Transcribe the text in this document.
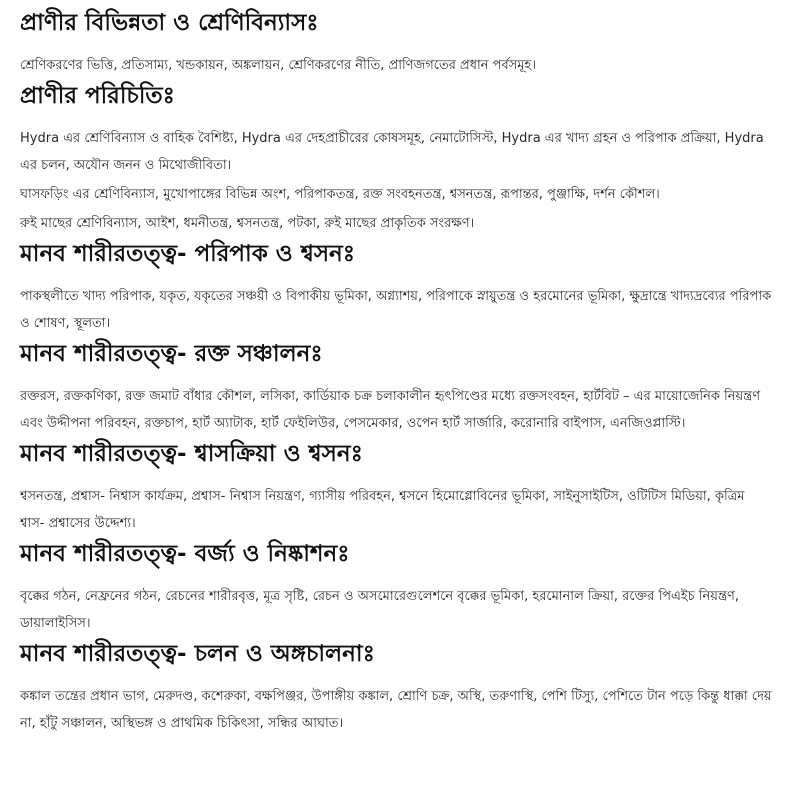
প্রাণীর বিভিন্নতা ও শ্রেণিবিন্যাসঃ

শ্রেণিকরণের ভিত্তি, প্রতিসাম্য, খন্ডকায়ন, অঙ্কলায়ন, শ্রেণিকরণের নীতি, প্রাণিজগতের প্রধান পর্বসমূহ।

প্রাণীর পরিচিতিঃ

Hydra এর শ্রেণিবিন্যাস ও বাহিক বৈশিষ্ট্য, Hydra এর দেহপ্রাচীরের কোষসমূহ, নেমাটোসিস্ট, Hydra এর খাদ্য গ্রহন ও পরিপাক প্রক্রিয়া, Hydra এর চলন, অযৌন জনন ও মিথোজীবিতা।

ঘাসফড়িং এর শ্রেণিবিন্যাস, মুখোপাঙ্গের বিভিন্ন অংশ, পরিপাকতন্ত্র, রক্ত সংবহনতন্ত্র, শ্বসনতন্ত্র, রূপান্তর, পুঞ্জাক্ষি, দর্শন কৌশল।

রুই মাছের শ্রেণিবিন্যাস, আইশ, ধমনীতন্ত্র, শ্বসনতন্ত্র, পটকা, রুই মাছের প্রাকৃতিক সংরক্ষণ।

মানব শারীরতত্ত্ব- পরিপাক ও শ্বসনঃ

পাকস্থলীতে খাদ্য পরিপাক, যকৃত, যকৃতের সঞ্চয়ী ও বিপাকীয় ভূমিকা, অগ্ন্যাশয়, পরিপাকে স্নায়ুতন্ত্র ও হরমোনের ভূমিকা, ক্ষুদ্রান্ত্রে খাদ্যদ্রব্যের পরিপাক ও শোষণ, স্থূলতা।

মানব শারীরতত্ত্ব- রক্ত সঞ্চালনঃ

রক্তরস, রক্তকণিকা, রক্ত জমাট বাঁধার কৌশল, লসিকা, কার্ডিয়াক চক্র চলাকালীন হৃৎপিণ্ডের মধ্যে রক্তসংবহন, হার্টবিট – এর মায়োজেনিক নিয়ন্ত্রণ এবং উদ্দীপনা পরিবহন, রক্তচাপ, হার্ট অ্যাটাক, হার্ট ফেইলিউর, পেসমেকার, ওপেন হার্ট সার্জারি, করোনারি বাইপাস, এনজিওপ্লাস্টি।

মানব শারীরতত্ত্ব- শ্বাসক্রিয়া ও শ্বসনঃ

শ্বসনতন্ত্র, প্রশ্বাস- নিশ্বাস কার্যক্রম, প্রশ্বাস- নিশ্বাস নিয়ন্ত্রণ, গ্যাসীয় পরিবহন, শ্বসনে হিমোগ্লোবিনের ভূমিকা, সাইনুসাইটিস, ওটিটিস মিডিয়া, কৃত্রিম শ্বাস- প্রশ্বাসের উদ্দেশ্য।

মানব শারীরতত্ত্ব- বর্জ্য ও নিষ্কাশনঃ

বৃক্কের গঠন, নেফ্রনের গঠন, রেচনের শারীরবৃত্ত, মূত্র সৃষ্টি, রেচন ও অসমোরেগুলেশনে বৃক্কের ভূমিকা, হরমোনাল ক্রিয়া, রক্তের পিএইচ নিয়ন্ত্রণ, ডায়ালাইসিস।

মানব শারীরতত্ত্ব- চলন ও অঙ্গচালনাঃ

কঙ্কাল তন্ত্রের প্রধান ভাগ, মেরুদণ্ড, কশেরুকা, বক্ষপিঞ্জর, উপাঙ্গীয় কঙ্কাল, শ্রোণি চক্র, অস্থি, তরুণাস্থি, পেশি টিস্যু, পেশিতে টান পড়ে কিন্তু ধাক্কা দেয় না, হাঁটু সঞ্চালন, অস্থিভঙ্গ ও প্রাথমিক চিকিৎসা, সন্ধির আঘাত।
